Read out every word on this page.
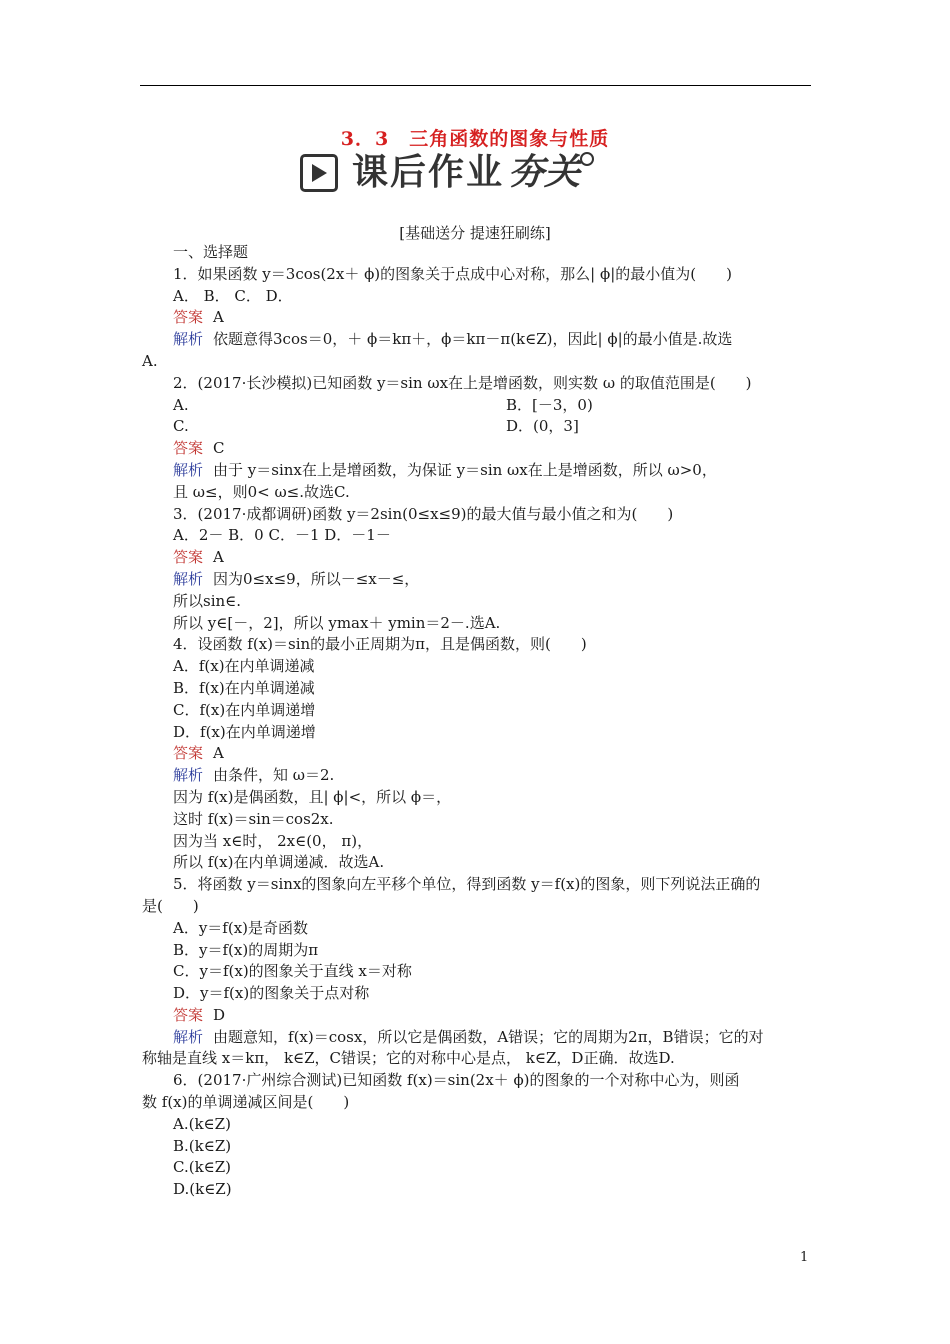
3．3　三角函数的图象与性质
课后作业 夯关
[基础送分 提速狂刷练]
一、选择题
1．如果函数 y＝3cos(2x＋ ϕ)的图象关于点成中心对称，那么| ϕ|的最小值为(　　)
A． B． C． D．
答案 A
解析 依题意得3cos＝0，＋ ϕ＝kπ＋，ϕ＝kπ－π(k∈Z)，因此| ϕ|的最小值是.故选
A.
2．(2017·长沙模拟)已知函数 y＝sin ωx在上是增函数，则实数 ω 的取值范围是(　　)
A.	B．[－3，0)
C.	D．(0，3]
答案 C
解析 由于 y＝sinx在上是增函数，为保证 y＝sin ωx在上是增函数，所以 ω>0，
且 ω≤，则0< ω≤.故选C.
3．(2017·成都调研)函数 y＝2sin(0≤x≤9)的最大值与最小值之和为(　　)
A．2－ B．0 C．－1 D．－1－
答案 A
解析 因为0≤x≤9，所以－≤x－≤，
所以sin∈.
所以 y∈[－，2]，所以 ymax＋ ymin＝2－.选A.
4．设函数 f(x)＝sin的最小正周期为π，且是偶函数，则(　　)
A．f(x)在内单调递减
B．f(x)在内单调递减
C．f(x)在内单调递增
D．f(x)在内单调递增
答案 A
解析 由条件，知 ω＝2.
因为 f(x)是偶函数，且| ϕ|<，所以 ϕ＝，
这时 f(x)＝sin＝cos2x.
因为当 x∈时， 2x∈(0， π)，
所以 f(x)在内单调递减．故选A.
5．将函数 y＝sinx的图象向左平移个单位，得到函数 y＝f(x)的图象，则下列说法正确的
是(　　)
A．y＝f(x)是奇函数
B．y＝f(x)的周期为π
C．y＝f(x)的图象关于直线 x＝对称
D．y＝f(x)的图象关于点对称
答案 D
解析 由题意知，f(x)＝cosx，所以它是偶函数，A错误；它的周期为2π，B错误；它的对
称轴是直线 x＝kπ， k∈Z，C错误；它的对称中心是点， k∈Z，D正确．故选D.
6．(2017·广州综合测试)已知函数 f(x)＝sin(2x＋ ϕ)的图象的一个对称中心为，则函
数 f(x)的单调递减区间是(　　)
A.(k∈Z)
B.(k∈Z)
C.(k∈Z)
D.(k∈Z)
1
